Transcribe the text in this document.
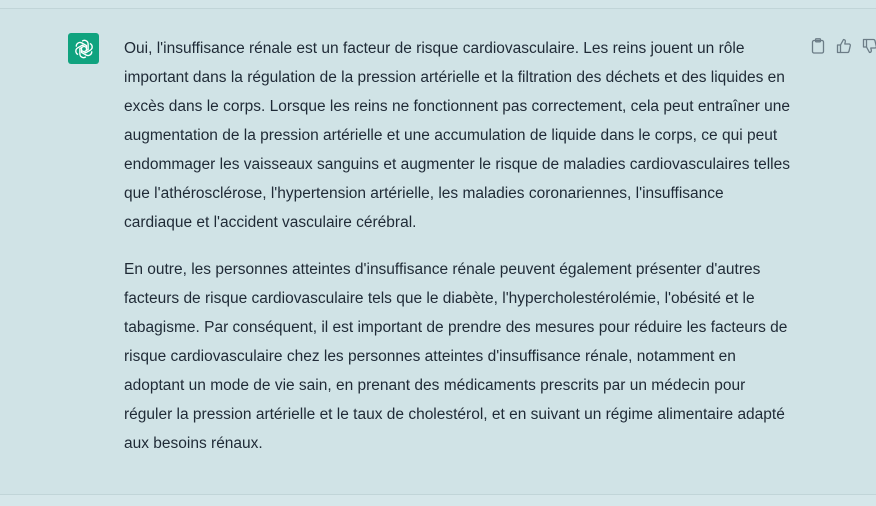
Oui, l'insuffisance rénale est un facteur de risque cardiovasculaire. Les reins jouent un rôle important dans la régulation de la pression artérielle et la filtration des déchets et des liquides en excès dans le corps. Lorsque les reins ne fonctionnent pas correctement, cela peut entraîner une augmentation de la pression artérielle et une accumulation de liquide dans le corps, ce qui peut endommager les vaisseaux sanguins et augmenter le risque de maladies cardiovasculaires telles que l'athérosclérose, l'hypertension artérielle, les maladies coronariennes, l'insuffisance cardiaque et l'accident vasculaire cérébral.

En outre, les personnes atteintes d'insuffisance rénale peuvent également présenter d'autres facteurs de risque cardiovasculaire tels que le diabète, l'hypercholestérolémie, l'obésité et le tabagisme. Par conséquent, il est important de prendre des mesures pour réduire les facteurs de risque cardiovasculaire chez les personnes atteintes d'insuffisance rénale, notamment en adoptant un mode de vie sain, en prenant des médicaments prescrits par un médecin pour réguler la pression artérielle et le taux de cholestérol, et en suivant un régime alimentaire adapté aux besoins rénaux.
